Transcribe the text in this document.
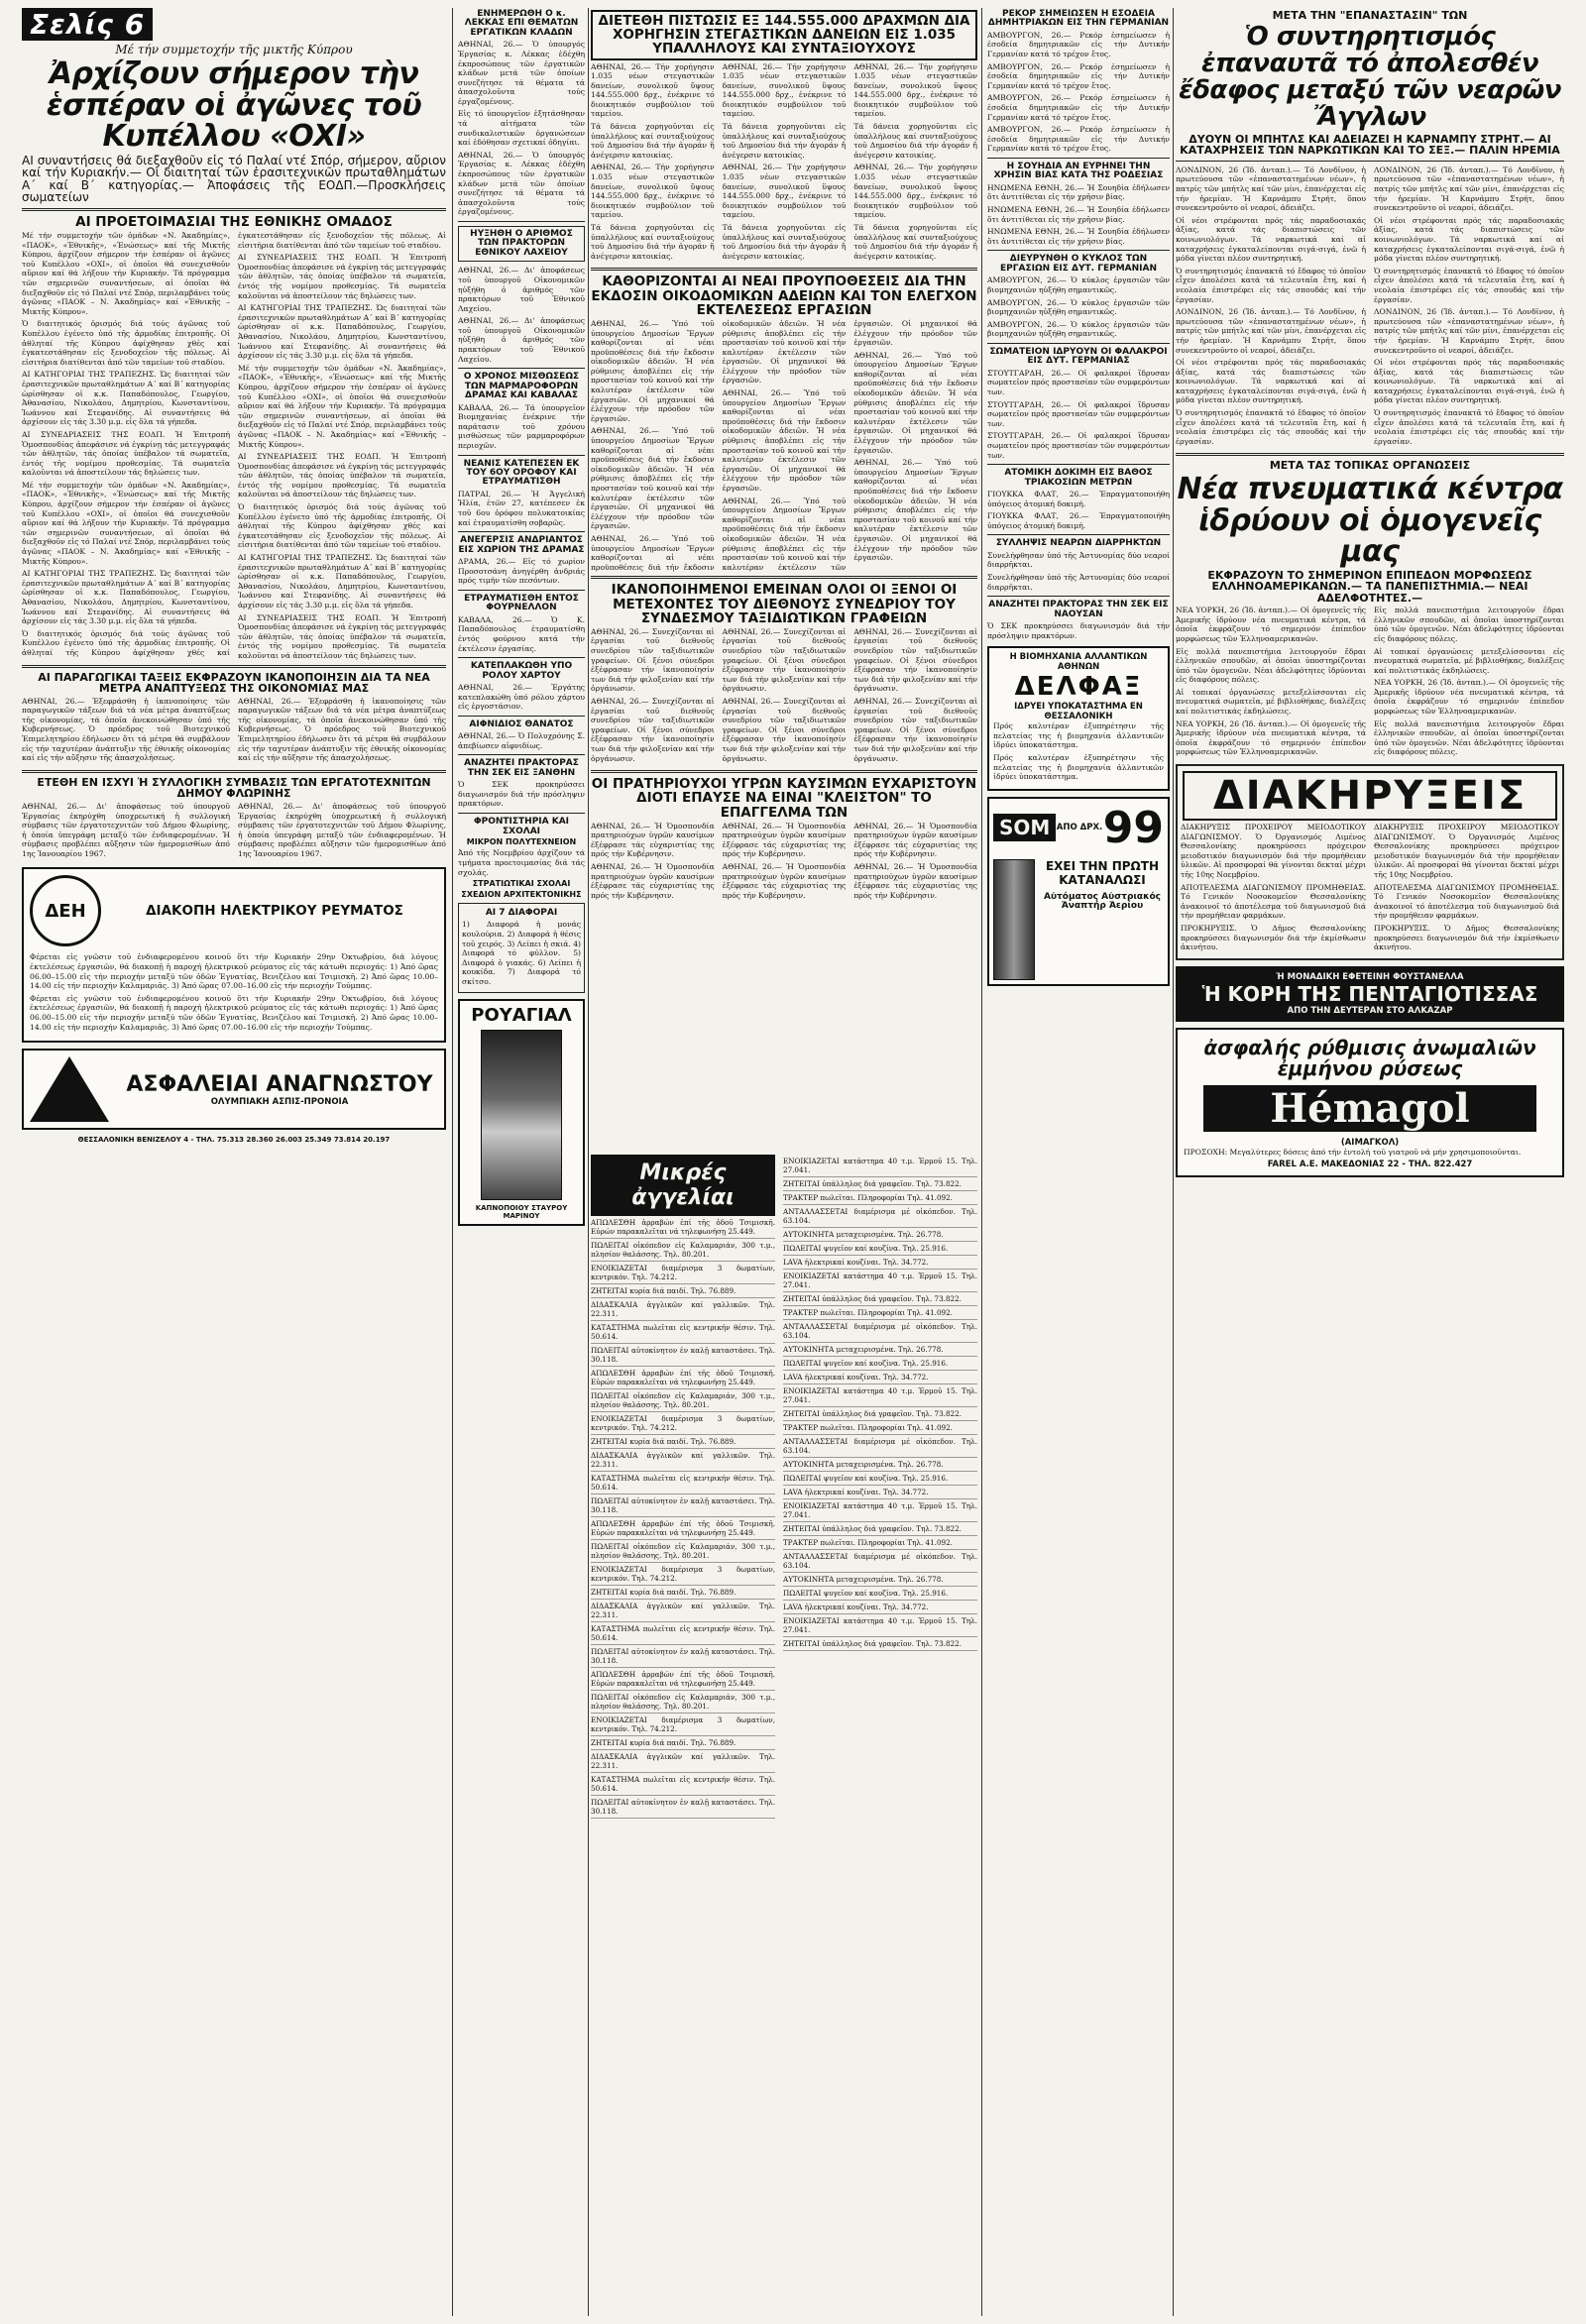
Σελίς 6
Μέ τήν συμμετοχήν τῆς μικτῆς Κύπρου
Ἀρχίζουν σήμερον τὴν ἑσπέραν οἱ ἀγῶνες τοῦ Κυπέλλου «ΟΧΙ»
ΑΙ συναντήσεις θά διεξαχθοῦν εἰς τό Παλαί ντέ Σπόρ, σήμερον, αὔριον καί τήν Κυριακήν.— Οἱ διαιτηταί τῶν ἐρασιτεχνικῶν πρωταθλημάτων Α΄ καί Β΄ κατηγορίας.— Ἀποφάσεις τῆς ΕΟΔΠ.—Προσκλήσεις σωματείων
ΑΙ ΠΡΟΕΤΟΙΜΑΣΙΑΙ ΤΗΣ ΕΘΝΙΚΗΣ ΟΜΑΔΟΣ

Μέ τήν συμμετοχήν τῶν ὁμάδων «Ν. Ἀκαδημίας», «ΠΑΟΚ», «Ἐθνικῆς», «Ἐνώσεως» καί τῆς Μικτῆς Κύπρου, ἀρχίζουν σήμερον τήν ἑσπέραν οἱ ἀγῶνες τοῦ Κυπέλλου «ΟΧΙ», οἱ ὁποῖοι θά συνεχισθοῦν αὔριον καί θά λήξουν τήν Κυριακήν. Τά πρόγραμμα τῶν σημερινῶν συναντήσεων, αἱ ὁποῖαι θά διεξαχθοῦν εἰς τό Παλαί ντέ Σπόρ, περιλαμβάνει τούς ἀγῶνας «ΠΑΟΚ – Ν. Ἀκαδημίας» καί «Ἐθνικῆς – Μικτῆς Κύπρου».

Ὁ διαιτητικός ὁρισμός διά τούς ἀγῶνας τοῦ Κυπέλλου ἐγένετο ὑπό τῆς ἁρμοδίας ἐπιτροπῆς. Οἱ ἀθληταί τῆς Κύπρου ἀφίχθησαν χθές καί ἐγκατεστάθησαν εἰς ξενοδοχεῖον τῆς πόλεως. Αἱ εἰσιτήρια διατίθενται ἀπό τῶν ταμείων τοῦ σταδίου.

ΑΙ ΚΑΤΗΓΟΡΙΑΙ ΤΗΣ ΤΡΑΠΕΖΗΣ. Ὡς διαιτηταί τῶν ἐρασιτεχνικῶν πρωταθλημάτων Α΄ καί Β΄ κατηγορίας ὡρίσθησαν οἱ κ.κ. Παπαδόπουλος, Γεωργίου, Ἀθανασίου, Νικολάου, Δημητρίου, Κωνσταντίνου, Ἰωάννου καί Στεφανίδης. Αἱ συναντήσεις θά ἀρχίσουν εἰς τάς 3.30 μ.μ. εἰς ὅλα τά γήπεδα.

ΑΙ ΣΥΝΕΔΡΙΑΣΕΙΣ ΤΗΣ ΕΟΔΠ. Ἡ Ἐπιτροπή Ὁμοσπονδίας ἀπεφάσισε νά ἐγκρίνῃ τάς μετεγγραφάς τῶν ἀθλητῶν, τάς ὁποίας ὑπέβαλον τά σωματεῖα, ἐντός τῆς νομίμου προθεσμίας. Τά σωματεῖα καλοῦνται νά ἀποστείλουν τάς δηλώσεις των.

Μέ τήν συμμετοχήν τῶν ὁμάδων «Ν. Ἀκαδημίας», «ΠΑΟΚ», «Ἐθνικῆς», «Ἐνώσεως» καί τῆς Μικτῆς Κύπρου, ἀρχίζουν σήμερον τήν ἑσπέραν οἱ ἀγῶνες τοῦ Κυπέλλου «ΟΧΙ», οἱ ὁποῖοι θά συνεχισθοῦν αὔριον καί θά λήξουν τήν Κυριακήν. Τά πρόγραμμα τῶν σημερινῶν συναντήσεων, αἱ ὁποῖαι θά διεξαχθοῦν εἰς τό Παλαί ντέ Σπόρ, περιλαμβάνει τούς ἀγῶνας «ΠΑΟΚ – Ν. Ἀκαδημίας» καί «Ἐθνικῆς – Μικτῆς Κύπρου».

ΑΙ ΚΑΤΗΓΟΡΙΑΙ ΤΗΣ ΤΡΑΠΕΖΗΣ. Ὡς διαιτηταί τῶν ἐρασιτεχνικῶν πρωταθλημάτων Α΄ καί Β΄ κατηγορίας ὡρίσθησαν οἱ κ.κ. Παπαδόπουλος, Γεωργίου, Ἀθανασίου, Νικολάου, Δημητρίου, Κωνσταντίνου, Ἰωάννου καί Στεφανίδης. Αἱ συναντήσεις θά ἀρχίσουν εἰς τάς 3.30 μ.μ. εἰς ὅλα τά γήπεδα.

Ὁ διαιτητικός ὁρισμός διά τούς ἀγῶνας τοῦ Κυπέλλου ἐγένετο ὑπό τῆς ἁρμοδίας ἐπιτροπῆς. Οἱ ἀθληταί τῆς Κύπρου ἀφίχθησαν χθές καί ἐγκατεστάθησαν εἰς ξενοδοχεῖον τῆς πόλεως. Αἱ εἰσιτήρια διατίθενται ἀπό τῶν ταμείων τοῦ σταδίου.

ΑΙ ΣΥΝΕΔΡΙΑΣΕΙΣ ΤΗΣ ΕΟΔΠ. Ἡ Ἐπιτροπή Ὁμοσπονδίας ἀπεφάσισε νά ἐγκρίνῃ τάς μετεγγραφάς τῶν ἀθλητῶν, τάς ὁποίας ὑπέβαλον τά σωματεῖα, ἐντός τῆς νομίμου προθεσμίας. Τά σωματεῖα καλοῦνται νά ἀποστείλουν τάς δηλώσεις των.

ΑΙ ΚΑΤΗΓΟΡΙΑΙ ΤΗΣ ΤΡΑΠΕΖΗΣ. Ὡς διαιτηταί τῶν ἐρασιτεχνικῶν πρωταθλημάτων Α΄ καί Β΄ κατηγορίας ὡρίσθησαν οἱ κ.κ. Παπαδόπουλος, Γεωργίου, Ἀθανασίου, Νικολάου, Δημητρίου, Κωνσταντίνου, Ἰωάννου καί Στεφανίδης. Αἱ συναντήσεις θά ἀρχίσουν εἰς τάς 3.30 μ.μ. εἰς ὅλα τά γήπεδα.

Μέ τήν συμμετοχήν τῶν ὁμάδων «Ν. Ἀκαδημίας», «ΠΑΟΚ», «Ἐθνικῆς», «Ἐνώσεως» καί τῆς Μικτῆς Κύπρου, ἀρχίζουν σήμερον τήν ἑσπέραν οἱ ἀγῶνες τοῦ Κυπέλλου «ΟΧΙ», οἱ ὁποῖοι θά συνεχισθοῦν αὔριον καί θά λήξουν τήν Κυριακήν. Τά πρόγραμμα τῶν σημερινῶν συναντήσεων, αἱ ὁποῖαι θά διεξαχθοῦν εἰς τό Παλαί ντέ Σπόρ, περιλαμβάνει τούς ἀγῶνας «ΠΑΟΚ – Ν. Ἀκαδημίας» καί «Ἐθνικῆς – Μικτῆς Κύπρου».

ΑΙ ΣΥΝΕΔΡΙΑΣΕΙΣ ΤΗΣ ΕΟΔΠ. Ἡ Ἐπιτροπή Ὁμοσπονδίας ἀπεφάσισε νά ἐγκρίνῃ τάς μετεγγραφάς τῶν ἀθλητῶν, τάς ὁποίας ὑπέβαλον τά σωματεῖα, ἐντός τῆς νομίμου προθεσμίας. Τά σωματεῖα καλοῦνται νά ἀποστείλουν τάς δηλώσεις των.

Ὁ διαιτητικός ὁρισμός διά τούς ἀγῶνας τοῦ Κυπέλλου ἐγένετο ὑπό τῆς ἁρμοδίας ἐπιτροπῆς. Οἱ ἀθληταί τῆς Κύπρου ἀφίχθησαν χθές καί ἐγκατεστάθησαν εἰς ξενοδοχεῖον τῆς πόλεως. Αἱ εἰσιτήρια διατίθενται ἀπό τῶν ταμείων τοῦ σταδίου.

ΑΙ ΚΑΤΗΓΟΡΙΑΙ ΤΗΣ ΤΡΑΠΕΖΗΣ. Ὡς διαιτηταί τῶν ἐρασιτεχνικῶν πρωταθλημάτων Α΄ καί Β΄ κατηγορίας ὡρίσθησαν οἱ κ.κ. Παπαδόπουλος, Γεωργίου, Ἀθανασίου, Νικολάου, Δημητρίου, Κωνσταντίνου, Ἰωάννου καί Στεφανίδης. Αἱ συναντήσεις θά ἀρχίσουν εἰς τάς 3.30 μ.μ. εἰς ὅλα τά γήπεδα.

ΑΙ ΣΥΝΕΔΡΙΑΣΕΙΣ ΤΗΣ ΕΟΔΠ. Ἡ Ἐπιτροπή Ὁμοσπονδίας ἀπεφάσισε νά ἐγκρίνῃ τάς μετεγγραφάς τῶν ἀθλητῶν, τάς ὁποίας ὑπέβαλον τά σωματεῖα, ἐντός τῆς νομίμου προθεσμίας. Τά σωματεῖα καλοῦνται νά ἀποστείλουν τάς δηλώσεις των.

ΑΙ ΠΑΡΑΓΩΓΙΚΑΙ ΤΑΞΕΙΣ ΕΚΦΡΑΖΟΥΝ ΙΚΑΝΟΠΟΙΗΣΙΝ ΔΙΑ ΤΑ ΝΕΑ ΜΕΤΡΑ ΑΝΑΠΤΥΞΕΩΣ ΤΗΣ ΟΙΚΟΝΟΜΙΑΣ ΜΑΣ

ΑΘΗΝΑΙ, 26.— Ἐξεφράσθη ἡ ἱκανοποίησις τῶν παραγωγικῶν τάξεων διά τά νέα μέτρα ἀναπτύξεως τῆς οἰκονομίας, τά ὁποῖα ἀνεκοινώθησαν ὑπό τῆς Κυβερνήσεως. Ὁ πρόεδρος τοῦ Βιοτεχνικοῦ Ἐπιμελητηρίου ἐδήλωσεν ὅτι τά μέτρα θά συμβάλουν εἰς τήν ταχυτέραν ἀνάπτυξιν τῆς ἐθνικῆς οἰκονομίας καί εἰς τήν αὔξησιν τῆς ἀπασχολήσεως.

ΑΘΗΝΑΙ, 26.— Ἐξεφράσθη ἡ ἱκανοποίησις τῶν παραγωγικῶν τάξεων διά τά νέα μέτρα ἀναπτύξεως τῆς οἰκονομίας, τά ὁποῖα ἀνεκοινώθησαν ὑπό τῆς Κυβερνήσεως. Ὁ πρόεδρος τοῦ Βιοτεχνικοῦ Ἐπιμελητηρίου ἐδήλωσεν ὅτι τά μέτρα θά συμβάλουν εἰς τήν ταχυτέραν ἀνάπτυξιν τῆς ἐθνικῆς οἰκονομίας καί εἰς τήν αὔξησιν τῆς ἀπασχολήσεως.

ΕΤΕΘΗ ΕΝ ΙΣΧΥΙ Ἡ ΣΥΛΛΟΓΙΚΗ ΣΥΜΒΑΣΙΣ ΤΩΝ ΕΡΓΑΤΟΤΕΧΝΙΤΩΝ ΔΗΜΟΥ ΦΛΩΡΙΝΗΣ

ΑΘΗΝΑΙ, 26.— Δι' ἀποφάσεως τοῦ ὑπουργοῦ Ἐργασίας ἐκηρύχθη ὑποχρεωτική ἡ συλλογική σύμβασις τῶν ἐργατοτεχνιτῶν τοῦ Δήμου Φλωρίνης, ἡ ὁποία ὑπεγράφη μεταξύ τῶν ἐνδιαφερομένων. Ἡ σύμβασις προβλέπει αὔξησιν τῶν ἡμερομισθίων ἀπό 1ης Ἰανουαρίου 1967.

ΑΘΗΝΑΙ, 26.— Δι' ἀποφάσεως τοῦ ὑπουργοῦ Ἐργασίας ἐκηρύχθη ὑποχρεωτική ἡ συλλογική σύμβασις τῶν ἐργατοτεχνιτῶν τοῦ Δήμου Φλωρίνης, ἡ ὁποία ὑπεγράφη μεταξύ τῶν ἐνδιαφερομένων. Ἡ σύμβασις προβλέπει αὔξησιν τῶν ἡμερομισθίων ἀπό 1ης Ἰανουαρίου 1967.

ΔΕΗ	ΔΙΑΚΟΠΗ ΗΛΕΚΤΡΙΚΟΥ ΡΕΥΜΑΤΟΣ

Φέρεται εἰς γνῶσιν τοῦ ἐνδιαφερομένου κοινοῦ ὅτι τήν Κυριακήν 29ην Ὀκτωβρίου, διά λόγους ἐκτελέσεως ἐργασιῶν, θά διακοπῇ ἡ παροχή ἠλεκτρικοῦ ρεύματος εἰς τάς κάτωθι περιοχάς: 1) Ἀπό ὥρας 06.00–15.00 εἰς τήν περιοχήν μεταξύ τῶν ὁδῶν Ἐγνατίας, Βενιζέλου καί Τσιμισκῆ. 2) Ἀπό ὥρας 10.00–14.00 εἰς τήν περιοχήν Καλαμαριᾶς. 3) Ἀπό ὥρας 07.00–16.00 εἰς τήν περιοχήν Τούμπας.

Φέρεται εἰς γνῶσιν τοῦ ἐνδιαφερομένου κοινοῦ ὅτι τήν Κυριακήν 29ην Ὀκτωβρίου, διά λόγους ἐκτελέσεως ἐργασιῶν, θά διακοπῇ ἡ παροχή ἠλεκτρικοῦ ρεύματος εἰς τάς κάτωθι περιοχάς: 1) Ἀπό ὥρας 06.00–15.00 εἰς τήν περιοχήν μεταξύ τῶν ὁδῶν Ἐγνατίας, Βενιζέλου καί Τσιμισκῆ. 2) Ἀπό ὥρας 10.00–14.00 εἰς τήν περιοχήν Καλαμαριᾶς. 3) Ἀπό ὥρας 07.00–16.00 εἰς τήν περιοχήν Τούμπας.

ΑΣΦΑΛΕΙΑΙ ΑΝΑΓΝΩΣΤΟΥ
ΟΛΥΜΠΙΑΚΗ ΑΣΠΙΣ-ΠΡΟΝΟΙΑ
ΘΕΣΣΑΛΟΝΙΚΗ ΒΕΝΙΖΕΛΟΥ 4 - ΤΗΛ. 75.313 28.360 26.003 25.349 73.814 20.197
ΕΝΗΜΕΡΩΘΗ Ο κ. ΛΕΚΚΑΣ ΕΠΙ ΘΕΜΑΤΩΝ ΕΡΓΑΤΙΚΩΝ ΚΛΑΔΩΝ

ΑΘΗΝΑΙ, 26.— Ὁ ὑπουργός Ἐργασίας κ. Λέκκας ἐδέχθη ἐκπροσώπους τῶν ἐργατικῶν κλάδων μετά τῶν ὁποίων συνεζήτησε τά θέματα τά ἀπασχολοῦντα τούς ἐργαζομένους.

Εἰς τό ὑπουργεῖον ἐξητάσθησαν τά αἰτήματα τῶν συνδικαλιστικῶν ὀργανώσεων καί ἐδόθησαν σχετικαί ὁδηγίαι.

ΑΘΗΝΑΙ, 26.— Ὁ ὑπουργός Ἐργασίας κ. Λέκκας ἐδέχθη ἐκπροσώπους τῶν ἐργατικῶν κλάδων μετά τῶν ὁποίων συνεζήτησε τά θέματα τά ἀπασχολοῦντα τούς ἐργαζομένους.

ΗΥΞΗΘΗ Ο ΑΡΙΘΜΟΣ ΤΩΝ ΠΡΑΚΤΟΡΩΝ ΕΘΝΙΚΟΥ ΛΑΧΕΙΟΥ

ΑΘΗΝΑΙ, 26.— Δι' ἀποφάσεως τοῦ ὑπουργοῦ Οἰκονομικῶν ηὐξήθη ὁ ἀριθμός τῶν πρακτόρων τοῦ Ἐθνικοῦ Λαχείου.

ΑΘΗΝΑΙ, 26.— Δι' ἀποφάσεως τοῦ ὑπουργοῦ Οἰκονομικῶν ηὐξήθη ὁ ἀριθμός τῶν πρακτόρων τοῦ Ἐθνικοῦ Λαχείου.

Ο ΧΡΟΝΟΣ ΜΙΣΘΩΣΕΩΣ ΤΩΝ ΜΑΡΜΑΡΟΦΟΡΩΝ ΔΡΑΜΑΣ ΚΑΙ ΚΑΒΑΛΑΣ

ΚΑΒΑΛΑ, 26.— Τά ὑπουργεῖον Βιομηχανίας ἐνέκρινε τήν παράτασιν τοῦ χρόνου μισθώσεως τῶν μαρμαροφόρων περιοχῶν.

ΝΕΑΝΙΣ ΚΑΤΕΠΕΣΕΝ ΕΚ ΤΟΥ 6ΟΥ ΟΡΟΦΟΥ ΚΑΙ ΕΤΡΑΥΜΑΤΙΣΘΗ

ΠΑΤΡΑΙ, 26.— Ἡ Ἀγγελική Ἠλία, ἐτῶν 27, κατέπεσεν ἐκ τοῦ 6ου ὀρόφου πολυκατοικίας καί ἐτραυματίσθη σοβαρῶς.

ΑΝΕΓΕΡΣΙΣ ΑΝΔΡΙΑΝΤΟΣ ΕΙΣ ΧΩΡΙΟΝ ΤΗΣ ΔΡΑΜΑΣ

ΔΡΑΜΑ, 26.— Εἰς τό χωρίον Προσοτσάνη ἀνηγέρθη ἀνδριάς πρός τιμήν τῶν πεσόντων.

ΕΤΡΑΥΜΑΤΙΣΘΗ ΕΝΤΟΣ ΦΟΥΡΝΕΛΛΟΝ

ΚΑΒΑΛΑ, 26.— Ὁ Κ. Παπαδόπουλος ἐτραυματίσθη ἐντός φούρνου κατά τήν ἐκτέλεσιν ἐργασίας.

ΚΑΤΕΠΛΑΚΩΘΗ ΥΠΟ ΡΟΛΟΥ ΧΑΡΤΟΥ

ΑΘΗΝΑΙ, 26.— Ἐργάτης κατεπλακώθη ὑπό ρόλου χάρτου εἰς ἐργοστάσιον.

ΑΙΦΝΙΔΙΟΣ ΘΑΝΑΤΟΣ

ΑΘΗΝΑΙ, 26.— Ὁ Πολυχρόνης Σ. ἀπεβίωσεν αἰφνιδίως.

ΑΝΑΖΗΤΕΙ ΠΡΑΚΤΟΡΑΣ ΤΗΝ ΣΕΚ ΕΙΣ ΞΑΝΘΗΝ

Ὁ ΣΕΚ προκηρύσσει διαγωνισμόν διά τήν πρόσληψιν πρακτόρων.

ΦΡΟΝΤΙΣΤΗΡΙΑ ΚΑΙ ΣΧΟΛΑΙ
ΜΙΚΡΟΝ ΠΟΛΥΤΕΧΝΕΙΟΝ

Ἀπό τῆς Νοεμβρίου ἀρχίζουν τά τμήματα προετοιμασίας διά τάς σχολάς.

ΣΤΡΑΤΙΩΤΙΚΑΙ ΣΧΟΛΑΙ
ΣΧΕΔΙΟΝ ΑΡΧΙΤΕΚΤΟΝΙΚΗΣ
ΑΙ 7 ΔΙΑΦΟΡΑΙ

1) Διαφορά ἡ μονάς κουλούρια. 2) Διαφορά ἡ θέσις τοῦ χειρός. 3) Λείπει ἡ σκιά. 4) Διαφορά τό φύλλον. 5) Διαφορά ὁ γιακάς. 6) Λείπει ἡ κουκίδα. 7) Διαφορά τό σκίτσο.

ΡΟΥΑΓΙΑΛ
ΚΑΠΝΟΠΟΙΟΥ ΣΤΑΥΡΟΥ ΜΑΡΙΝΟΥ
ΔΙΕΤΕΘΗ ΠΙΣΤΩΣΙΣ ΕΞ 144.555.000 ΔΡΑΧΜΩΝ ΔΙΑ ΧΟΡΗΓΗΣΙΝ ΣΤΕΓΑΣΤΙΚΩΝ ΔΑΝΕΙΩΝ ΕΙΣ 1.035 ΥΠΑΛΛΗΛΟΥΣ ΚΑΙ ΣΥΝΤΑΞΙΟΥΧΟΥΣ

ΑΘΗΝΑΙ, 26.— Τήν χορήγησιν 1.035 νέων στεγαστικῶν δανείων, συνολικοῦ ὕψους 144.555.000 δρχ., ἐνέκρινε τό διοικητικόν συμβούλιον τοῦ ταμείου.

Τά δάνεια χορηγοῦνται εἰς ὑπαλλήλους καί συνταξιούχους τοῦ Δημοσίου διά τήν ἀγοράν ἤ ἀνέγερσιν κατοικίας.

ΑΘΗΝΑΙ, 26.— Τήν χορήγησιν 1.035 νέων στεγαστικῶν δανείων, συνολικοῦ ὕψους 144.555.000 δρχ., ἐνέκρινε τό διοικητικόν συμβούλιον τοῦ ταμείου.

Τά δάνεια χορηγοῦνται εἰς ὑπαλλήλους καί συνταξιούχους τοῦ Δημοσίου διά τήν ἀγοράν ἤ ἀνέγερσιν κατοικίας.

ΑΘΗΝΑΙ, 26.— Τήν χορήγησιν 1.035 νέων στεγαστικῶν δανείων, συνολικοῦ ὕψους 144.555.000 δρχ., ἐνέκρινε τό διοικητικόν συμβούλιον τοῦ ταμείου.

Τά δάνεια χορηγοῦνται εἰς ὑπαλλήλους καί συνταξιούχους τοῦ Δημοσίου διά τήν ἀγοράν ἤ ἀνέγερσιν κατοικίας.

ΑΘΗΝΑΙ, 26.— Τήν χορήγησιν 1.035 νέων στεγαστικῶν δανείων, συνολικοῦ ὕψους 144.555.000 δρχ., ἐνέκρινε τό διοικητικόν συμβούλιον τοῦ ταμείου.

Τά δάνεια χορηγοῦνται εἰς ὑπαλλήλους καί συνταξιούχους τοῦ Δημοσίου διά τήν ἀγοράν ἤ ἀνέγερσιν κατοικίας.

ΑΘΗΝΑΙ, 26.— Τήν χορήγησιν 1.035 νέων στεγαστικῶν δανείων, συνολικοῦ ὕψους 144.555.000 δρχ., ἐνέκρινε τό διοικητικόν συμβούλιον τοῦ ταμείου.

Τά δάνεια χορηγοῦνται εἰς ὑπαλλήλους καί συνταξιούχους τοῦ Δημοσίου διά τήν ἀγοράν ἤ ἀνέγερσιν κατοικίας.

ΑΘΗΝΑΙ, 26.— Τήν χορήγησιν 1.035 νέων στεγαστικῶν δανείων, συνολικοῦ ὕψους 144.555.000 δρχ., ἐνέκρινε τό διοικητικόν συμβούλιον τοῦ ταμείου.

Τά δάνεια χορηγοῦνται εἰς ὑπαλλήλους καί συνταξιούχους τοῦ Δημοσίου διά τήν ἀγοράν ἤ ἀνέγερσιν κατοικίας.

ΚΑΘΟΡΙΖΟΝΤΑΙ ΑΙ ΝΕΑΙ ΠΡΟΥΠΟΘΕΣΕΙΣ ΔΙΑ ΤΗΝ ΕΚΔΟΣΙΝ ΟΙΚΟΔΟΜΙΚΩΝ ΑΔΕΙΩΝ ΚΑΙ ΤΟΝ ΕΛΕΓΧΟΝ ΕΚΤΕΛΕΣΕΩΣ ΕΡΓΑΣΙΩΝ

ΑΘΗΝΑΙ, 26.— Ὑπό τοῦ ὑπουργείου Δημοσίων Ἔργων καθορίζονται αἱ νέαι προϋποθέσεις διά τήν ἔκδοσιν οἰκοδομικῶν ἀδειῶν. Ἡ νέα ρύθμισις ἀποβλέπει εἰς τήν προστασίαν τοῦ κοινοῦ καί τήν καλυτέραν ἐκτέλεσιν τῶν ἐργασιῶν. Οἱ μηχανικοί θά ἐλέγχουν τήν πρόοδον τῶν ἐργασιῶν.

ΑΘΗΝΑΙ, 26.— Ὑπό τοῦ ὑπουργείου Δημοσίων Ἔργων καθορίζονται αἱ νέαι προϋποθέσεις διά τήν ἔκδοσιν οἰκοδομικῶν ἀδειῶν. Ἡ νέα ρύθμισις ἀποβλέπει εἰς τήν προστασίαν τοῦ κοινοῦ καί τήν καλυτέραν ἐκτέλεσιν τῶν ἐργασιῶν. Οἱ μηχανικοί θά ἐλέγχουν τήν πρόοδον τῶν ἐργασιῶν.

ΑΘΗΝΑΙ, 26.— Ὑπό τοῦ ὑπουργείου Δημοσίων Ἔργων καθορίζονται αἱ νέαι προϋποθέσεις διά τήν ἔκδοσιν οἰκοδομικῶν ἀδειῶν. Ἡ νέα ρύθμισις ἀποβλέπει εἰς τήν προστασίαν τοῦ κοινοῦ καί τήν καλυτέραν ἐκτέλεσιν τῶν ἐργασιῶν. Οἱ μηχανικοί θά ἐλέγχουν τήν πρόοδον τῶν ἐργασιῶν.

ΑΘΗΝΑΙ, 26.— Ὑπό τοῦ ὑπουργείου Δημοσίων Ἔργων καθορίζονται αἱ νέαι προϋποθέσεις διά τήν ἔκδοσιν οἰκοδομικῶν ἀδειῶν. Ἡ νέα ρύθμισις ἀποβλέπει εἰς τήν προστασίαν τοῦ κοινοῦ καί τήν καλυτέραν ἐκτέλεσιν τῶν ἐργασιῶν. Οἱ μηχανικοί θά ἐλέγχουν τήν πρόοδον τῶν ἐργασιῶν.

ΑΘΗΝΑΙ, 26.— Ὑπό τοῦ ὑπουργείου Δημοσίων Ἔργων καθορίζονται αἱ νέαι προϋποθέσεις διά τήν ἔκδοσιν οἰκοδομικῶν ἀδειῶν. Ἡ νέα ρύθμισις ἀποβλέπει εἰς τήν προστασίαν τοῦ κοινοῦ καί τήν καλυτέραν ἐκτέλεσιν τῶν ἐργασιῶν. Οἱ μηχανικοί θά ἐλέγχουν τήν πρόοδον τῶν ἐργασιῶν.

ΑΘΗΝΑΙ, 26.— Ὑπό τοῦ ὑπουργείου Δημοσίων Ἔργων καθορίζονται αἱ νέαι προϋποθέσεις διά τήν ἔκδοσιν οἰκοδομικῶν ἀδειῶν. Ἡ νέα ρύθμισις ἀποβλέπει εἰς τήν προστασίαν τοῦ κοινοῦ καί τήν καλυτέραν ἐκτέλεσιν τῶν ἐργασιῶν. Οἱ μηχανικοί θά ἐλέγχουν τήν πρόοδον τῶν ἐργασιῶν.

ΑΘΗΝΑΙ, 26.— Ὑπό τοῦ ὑπουργείου Δημοσίων Ἔργων καθορίζονται αἱ νέαι προϋποθέσεις διά τήν ἔκδοσιν οἰκοδομικῶν ἀδειῶν. Ἡ νέα ρύθμισις ἀποβλέπει εἰς τήν προστασίαν τοῦ κοινοῦ καί τήν καλυτέραν ἐκτέλεσιν τῶν ἐργασιῶν. Οἱ μηχανικοί θά ἐλέγχουν τήν πρόοδον τῶν ἐργασιῶν.

ΙΚΑΝΟΠΟΙΗΜΕΝΟΙ ΕΜΕΙΝΑΝ ΟΛΟΙ ΟΙ ΞΕΝΟΙ ΟΙ ΜΕΤΕΧΟΝΤΕΣ ΤΟΥ ΔΙΕΘΝΟΥΣ ΣΥΝΕΔΡΙΟΥ ΤΟΥ ΣΥΝΔΕΣΜΟΥ ΤΑΞΙΔΙΩΤΙΚΩΝ ΓΡΑΦΕΙΩΝ

ΑΘΗΝΑΙ, 26.— Συνεχίζονται αἱ ἐργασίαι τοῦ διεθνοῦς συνεδρίου τῶν ταξιδιωτικῶν γραφείων. Οἱ ξένοι σύνεδροι ἐξέφρασαν τήν ἱκανοποίησίν των διά τήν φιλοξενίαν καί τήν ὀργάνωσιν.

ΑΘΗΝΑΙ, 26.— Συνεχίζονται αἱ ἐργασίαι τοῦ διεθνοῦς συνεδρίου τῶν ταξιδιωτικῶν γραφείων. Οἱ ξένοι σύνεδροι ἐξέφρασαν τήν ἱκανοποίησίν των διά τήν φιλοξενίαν καί τήν ὀργάνωσιν.

ΑΘΗΝΑΙ, 26.— Συνεχίζονται αἱ ἐργασίαι τοῦ διεθνοῦς συνεδρίου τῶν ταξιδιωτικῶν γραφείων. Οἱ ξένοι σύνεδροι ἐξέφρασαν τήν ἱκανοποίησίν των διά τήν φιλοξενίαν καί τήν ὀργάνωσιν.

ΑΘΗΝΑΙ, 26.— Συνεχίζονται αἱ ἐργασίαι τοῦ διεθνοῦς συνεδρίου τῶν ταξιδιωτικῶν γραφείων. Οἱ ξένοι σύνεδροι ἐξέφρασαν τήν ἱκανοποίησίν των διά τήν φιλοξενίαν καί τήν ὀργάνωσιν.

ΑΘΗΝΑΙ, 26.— Συνεχίζονται αἱ ἐργασίαι τοῦ διεθνοῦς συνεδρίου τῶν ταξιδιωτικῶν γραφείων. Οἱ ξένοι σύνεδροι ἐξέφρασαν τήν ἱκανοποίησίν των διά τήν φιλοξενίαν καί τήν ὀργάνωσιν.

ΑΘΗΝΑΙ, 26.— Συνεχίζονται αἱ ἐργασίαι τοῦ διεθνοῦς συνεδρίου τῶν ταξιδιωτικῶν γραφείων. Οἱ ξένοι σύνεδροι ἐξέφρασαν τήν ἱκανοποίησίν των διά τήν φιλοξενίαν καί τήν ὀργάνωσιν.

ΟΙ ΠΡΑΤΗΡΙΟΥΧΟΙ ΥΓΡΩΝ ΚΑΥΣΙΜΩΝ ΕΥΧΑΡΙΣΤΟΥΝ ΔΙΟΤΙ ΕΠΑΥΣΕ ΝΑ ΕΙΝΑΙ "ΚΛΕΙΣΤΟΝ" ΤΟ ΕΠΑΓΓΕΛΜΑ ΤΩΝ

ΑΘΗΝΑΙ, 26.— Ἡ Ὁμοσπονδία πρατηριούχων ὑγρῶν καυσίμων ἐξέφρασε τάς εὐχαριστίας της πρός τήν Κυβέρνησιν.

ΑΘΗΝΑΙ, 26.— Ἡ Ὁμοσπονδία πρατηριούχων ὑγρῶν καυσίμων ἐξέφρασε τάς εὐχαριστίας της πρός τήν Κυβέρνησιν.

ΑΘΗΝΑΙ, 26.— Ἡ Ὁμοσπονδία πρατηριούχων ὑγρῶν καυσίμων ἐξέφρασε τάς εὐχαριστίας της πρός τήν Κυβέρνησιν.

ΑΘΗΝΑΙ, 26.— Ἡ Ὁμοσπονδία πρατηριούχων ὑγρῶν καυσίμων ἐξέφρασε τάς εὐχαριστίας της πρός τήν Κυβέρνησιν.

ΑΘΗΝΑΙ, 26.— Ἡ Ὁμοσπονδία πρατηριούχων ὑγρῶν καυσίμων ἐξέφρασε τάς εὐχαριστίας της πρός τήν Κυβέρνησιν.

ΑΘΗΝΑΙ, 26.— Ἡ Ὁμοσπονδία πρατηριούχων ὑγρῶν καυσίμων ἐξέφρασε τάς εὐχαριστίας της πρός τήν Κυβέρνησιν.

Μικρές ἀγγελίαι

ΑΠΩΛΕΣΘΗ ἀρραβών ἐπί τῆς ὁδοῦ Τσιμισκῆ. Εὑρών παρακαλεῖται νά τηλεφωνήσῃ 25.449.

ΠΩΛΕΙΤΑΙ οἰκόπεδον εἰς Καλαμαριάν, 300 τ.μ., πλησίον θαλάσσης. Τηλ. 80.201.

ΕΝΟΙΚΙΑΖΕΤΑΙ διαμέρισμα 3 δωματίων, κεντρικόν. Τηλ. 74.212.

ΖΗΤΕΙΤΑΙ κυρία διά παιδί. Τηλ. 76.889.

ΔΙΔΑΣΚΑΛΙΑ ἀγγλικῶν καί γαλλικῶν. Τηλ. 22.311.

ΚΑΤΑΣΤΗΜΑ πωλεῖται εἰς κεντρικήν θέσιν. Τηλ. 50.614.

ΠΩΛΕΙΤΑΙ αὐτοκίνητον ἐν καλῇ καταστάσει. Τηλ. 30.118.

ΑΠΩΛΕΣΘΗ ἀρραβών ἐπί τῆς ὁδοῦ Τσιμισκῆ. Εὑρών παρακαλεῖται νά τηλεφωνήσῃ 25.449.

ΠΩΛΕΙΤΑΙ οἰκόπεδον εἰς Καλαμαριάν, 300 τ.μ., πλησίον θαλάσσης. Τηλ. 80.201.

ΕΝΟΙΚΙΑΖΕΤΑΙ διαμέρισμα 3 δωματίων, κεντρικόν. Τηλ. 74.212.

ΖΗΤΕΙΤΑΙ κυρία διά παιδί. Τηλ. 76.889.

ΔΙΔΑΣΚΑΛΙΑ ἀγγλικῶν καί γαλλικῶν. Τηλ. 22.311.

ΚΑΤΑΣΤΗΜΑ πωλεῖται εἰς κεντρικήν θέσιν. Τηλ. 50.614.

ΠΩΛΕΙΤΑΙ αὐτοκίνητον ἐν καλῇ καταστάσει. Τηλ. 30.118.

ΑΠΩΛΕΣΘΗ ἀρραβών ἐπί τῆς ὁδοῦ Τσιμισκῆ. Εὑρών παρακαλεῖται νά τηλεφωνήσῃ 25.449.

ΠΩΛΕΙΤΑΙ οἰκόπεδον εἰς Καλαμαριάν, 300 τ.μ., πλησίον θαλάσσης. Τηλ. 80.201.

ΕΝΟΙΚΙΑΖΕΤΑΙ διαμέρισμα 3 δωματίων, κεντρικόν. Τηλ. 74.212.

ΖΗΤΕΙΤΑΙ κυρία διά παιδί. Τηλ. 76.889.

ΔΙΔΑΣΚΑΛΙΑ ἀγγλικῶν καί γαλλικῶν. Τηλ. 22.311.

ΚΑΤΑΣΤΗΜΑ πωλεῖται εἰς κεντρικήν θέσιν. Τηλ. 50.614.

ΠΩΛΕΙΤΑΙ αὐτοκίνητον ἐν καλῇ καταστάσει. Τηλ. 30.118.

ΑΠΩΛΕΣΘΗ ἀρραβών ἐπί τῆς ὁδοῦ Τσιμισκῆ. Εὑρών παρακαλεῖται νά τηλεφωνήσῃ 25.449.

ΠΩΛΕΙΤΑΙ οἰκόπεδον εἰς Καλαμαριάν, 300 τ.μ., πλησίον θαλάσσης. Τηλ. 80.201.

ΕΝΟΙΚΙΑΖΕΤΑΙ διαμέρισμα 3 δωματίων, κεντρικόν. Τηλ. 74.212.

ΖΗΤΕΙΤΑΙ κυρία διά παιδί. Τηλ. 76.889.

ΔΙΔΑΣΚΑΛΙΑ ἀγγλικῶν καί γαλλικῶν. Τηλ. 22.311.

ΚΑΤΑΣΤΗΜΑ πωλεῖται εἰς κεντρικήν θέσιν. Τηλ. 50.614.

ΠΩΛΕΙΤΑΙ αὐτοκίνητον ἐν καλῇ καταστάσει. Τηλ. 30.118.

ΕΝΟΙΚΙΑΖΕΤΑΙ κατάστημα 40 τ.μ. Ἐρμοῦ 15. Τηλ. 27.041.

ΖΗΤΕΙΤΑΙ ὑπάλληλος διά γραφεῖον. Τηλ. 73.822.

ΤΡΑΚΤΕΡ πωλεῖται. Πληροφορίαι Τηλ. 41.092.

ΑΝΤΑΛΛΑΣΣΕΤΑΙ διαμέρισμα μέ οἰκόπεδον. Τηλ. 63.104.

ΑΥΤΟΚΙΝΗΤΑ μεταχειρισμένα. Τηλ. 26.778.

ΠΩΛΕΙΤΑΙ ψυγεῖον καί κουζίνα. Τηλ. 25.916.

LAVA ἠλεκτρικαί κουζίναι. Τηλ. 34.772.

ΕΝΟΙΚΙΑΖΕΤΑΙ κατάστημα 40 τ.μ. Ἐρμοῦ 15. Τηλ. 27.041.

ΖΗΤΕΙΤΑΙ ὑπάλληλος διά γραφεῖον. Τηλ. 73.822.

ΤΡΑΚΤΕΡ πωλεῖται. Πληροφορίαι Τηλ. 41.092.

ΑΝΤΑΛΛΑΣΣΕΤΑΙ διαμέρισμα μέ οἰκόπεδον. Τηλ. 63.104.

ΑΥΤΟΚΙΝΗΤΑ μεταχειρισμένα. Τηλ. 26.778.

ΠΩΛΕΙΤΑΙ ψυγεῖον καί κουζίνα. Τηλ. 25.916.

LAVA ἠλεκτρικαί κουζίναι. Τηλ. 34.772.

ΕΝΟΙΚΙΑΖΕΤΑΙ κατάστημα 40 τ.μ. Ἐρμοῦ 15. Τηλ. 27.041.

ΖΗΤΕΙΤΑΙ ὑπάλληλος διά γραφεῖον. Τηλ. 73.822.

ΤΡΑΚΤΕΡ πωλεῖται. Πληροφορίαι Τηλ. 41.092.

ΑΝΤΑΛΛΑΣΣΕΤΑΙ διαμέρισμα μέ οἰκόπεδον. Τηλ. 63.104.

ΑΥΤΟΚΙΝΗΤΑ μεταχειρισμένα. Τηλ. 26.778.

ΠΩΛΕΙΤΑΙ ψυγεῖον καί κουζίνα. Τηλ. 25.916.

LAVA ἠλεκτρικαί κουζίναι. Τηλ. 34.772.

ΕΝΟΙΚΙΑΖΕΤΑΙ κατάστημα 40 τ.μ. Ἐρμοῦ 15. Τηλ. 27.041.

ΖΗΤΕΙΤΑΙ ὑπάλληλος διά γραφεῖον. Τηλ. 73.822.

ΤΡΑΚΤΕΡ πωλεῖται. Πληροφορίαι Τηλ. 41.092.

ΑΝΤΑΛΛΑΣΣΕΤΑΙ διαμέρισμα μέ οἰκόπεδον. Τηλ. 63.104.

ΑΥΤΟΚΙΝΗΤΑ μεταχειρισμένα. Τηλ. 26.778.

ΠΩΛΕΙΤΑΙ ψυγεῖον καί κουζίνα. Τηλ. 25.916.

LAVA ἠλεκτρικαί κουζίναι. Τηλ. 34.772.

ΕΝΟΙΚΙΑΖΕΤΑΙ κατάστημα 40 τ.μ. Ἐρμοῦ 15. Τηλ. 27.041.

ΖΗΤΕΙΤΑΙ ὑπάλληλος διά γραφεῖον. Τηλ. 73.822.

ΡΕΚΟΡ ΣΗΜΕΙΩΣΕΝ Η ΕΣΟΔΕΙΑ ΔΗΜΗΤΡΙΑΚΩΝ ΕΙΣ ΤΗΝ ΓΕΡΜΑΝΙΑΝ

ΑΜΒΟΥΡΓΟΝ, 26.— Ρεκόρ ἐσημείωσεν ἡ ἐσοδεία δημητριακῶν εἰς τήν Δυτικήν Γερμανίαν κατά τό τρέχον ἔτος.

ΑΜΒΟΥΡΓΟΝ, 26.— Ρεκόρ ἐσημείωσεν ἡ ἐσοδεία δημητριακῶν εἰς τήν Δυτικήν Γερμανίαν κατά τό τρέχον ἔτος.

ΑΜΒΟΥΡΓΟΝ, 26.— Ρεκόρ ἐσημείωσεν ἡ ἐσοδεία δημητριακῶν εἰς τήν Δυτικήν Γερμανίαν κατά τό τρέχον ἔτος.

ΑΜΒΟΥΡΓΟΝ, 26.— Ρεκόρ ἐσημείωσεν ἡ ἐσοδεία δημητριακῶν εἰς τήν Δυτικήν Γερμανίαν κατά τό τρέχον ἔτος.

Η ΣΟΥΗΔΙΑ ΑΝ ΕΥΡΗΝΕΙ ΤΗΝ ΧΡΗΣΙΝ ΒΙΑΣ ΚΑΤΑ ΤΗΣ ΡΟΔΕΣΙΑΣ

ΗΝΩΜΕΝΑ ΕΘΝΗ, 26.— Ἡ Σουηδία ἐδήλωσεν ὅτι ἀντιτίθεται εἰς τήν χρῆσιν βίας.

ΗΝΩΜΕΝΑ ΕΘΝΗ, 26.— Ἡ Σουηδία ἐδήλωσεν ὅτι ἀντιτίθεται εἰς τήν χρῆσιν βίας.

ΗΝΩΜΕΝΑ ΕΘΝΗ, 26.— Ἡ Σουηδία ἐδήλωσεν ὅτι ἀντιτίθεται εἰς τήν χρῆσιν βίας.

ΔΙΕΥΡΥΝΘΗ Ο ΚΥΚΛΟΣ ΤΩΝ ΕΡΓΑΣΙΩΝ ΕΙΣ ΔΥΤ. ΓΕΡΜΑΝΙΑΝ

ΑΜΒΟΥΡΓΟΝ, 26.— Ὁ κύκλος ἐργασιῶν τῶν βιομηχανιῶν ηὐξήθη σημαντικῶς.

ΑΜΒΟΥΡΓΟΝ, 26.— Ὁ κύκλος ἐργασιῶν τῶν βιομηχανιῶν ηὐξήθη σημαντικῶς.

ΑΜΒΟΥΡΓΟΝ, 26.— Ὁ κύκλος ἐργασιῶν τῶν βιομηχανιῶν ηὐξήθη σημαντικῶς.

ΣΩΜΑΤΕΙΟΝ ΙΔΡΥΟΥΝ ΟΙ ΦΑΛΑΚΡΟΙ ΕΙΣ ΔΥΤ. ΓΕΡΜΑΝΙΑΣ

ΣΤΟΥΤΓΑΡΔΗ, 26.— Οἱ φαλακροί ἵδρυσαν σωματεῖον πρός προστασίαν τῶν συμφερόντων των.

ΣΤΟΥΤΓΑΡΔΗ, 26.— Οἱ φαλακροί ἵδρυσαν σωματεῖον πρός προστασίαν τῶν συμφερόντων των.

ΣΤΟΥΤΓΑΡΔΗ, 26.— Οἱ φαλακροί ἵδρυσαν σωματεῖον πρός προστασίαν τῶν συμφερόντων των.

ΑΤΟΜΙΚΗ ΔΟΚΙΜΗ ΕΙΣ ΒΑΘΟΣ ΤΡΙΑΚΟΣΙΩΝ ΜΕΤΡΩΝ

ΓΙΟΥΚΚΑ ΦΛΑΤ, 26.— Ἐπραγματοποιήθη ὑπόγειος ἀτομική δοκιμή.

ΓΙΟΥΚΚΑ ΦΛΑΤ, 26.— Ἐπραγματοποιήθη ὑπόγειος ἀτομική δοκιμή.

ΣΥΛΛΗΨΙΣ ΝΕΑΡΩΝ ΔΙΑΡΡΗΚΤΩΝ

Συνελήφθησαν ὑπό τῆς Ἀστυνομίας δύο νεαροί διαρρῆκται.

Συνελήφθησαν ὑπό τῆς Ἀστυνομίας δύο νεαροί διαρρῆκται.

ΑΝΑΖΗΤΕΙ ΠΡΑΚΤΟΡΑΣ ΤΗΝ ΣΕΚ ΕΙΣ ΝΑΟΥΣΑΝ

Ὁ ΣΕΚ προκηρύσσει διαγωνισμόν διά τήν πρόσληψιν πρακτόρων.

Η ΒΙΟΜΗΧΑΝΙΑ ΑΛΛΑΝΤΙΚΩΝ ΑΘΗΝΩΝ
ΔΕΛΦΑΞ
ΙΔΡΥΕΙ ΥΠΟΚΑΤΑΣΤΗΜΑ ΕΝ ΘΕΣΣΑΛΟΝΙΚΗ

Πρός καλυτέραν ἐξυπηρέτησιν τῆς πελατείας της ἡ βιομηχανία ἀλλαντικῶν ἱδρύει ὑποκατάστημα.

Πρός καλυτέραν ἐξυπηρέτησιν τῆς πελατείας της ἡ βιομηχανία ἀλλαντικῶν ἱδρύει ὑποκατάστημα.

SOM ΑΠΟ ΔΡΧ. 99
ΕΧΕΙ ΤΗΝ ΠΡΩΤΗ ΚΑΤΑΝΑΛΩΣΙ
Αὐτόματος Αὐστριακός Ἀναπτήρ Ἀερίου
ΜΕΤΑ ΤΗΝ "ΕΠΑΝΑΣΤΑΣΙΝ" ΤΩΝ
Ὁ συντηρητισμός ἐπαναυτᾶ τό ἀπολεσθέν ἔδαφος μεταξύ τῶν νεαρῶν Ἄγγλων
ΔΥΟΥΝ ΟΙ ΜΠΗΤΛΣ ΚΑΙ ΑΔΕΙΑΖΕΙ Η ΚΑΡΝΑΜΠΥ ΣΤΡΗΤ.— ΑΙ ΚΑΤΑΧΡΗΣΕΙΣ ΤΩΝ ΝΑΡΚΩΤΙΚΩΝ ΚΑΙ ΤΟ ΣΕΞ.— ΠΑΛΙΝ ΗΡΕΜΙΑ

ΛΟΝΔΙΝΟΝ, 26 (Ἰδ. ἀνταπ.).— Τό Λονδῖνον, ἡ πρωτεύουσα τῶν «ἐπαναστατημένων νέων», ἡ πατρίς τῶν μπήτλς καί τῶν μίνι, ἐπανέρχεται εἰς τήν ἠρεμίαν. Ἡ Καρνάμπυ Στρήτ, ὅπου συνεκεντροῦντο οἱ νεαροί, ἀδειάζει.

Οἱ νέοι στρέφονται πρός τάς παραδοσιακάς ἀξίας, κατά τάς διαπιστώσεις τῶν κοινωνιολόγων. Τά ναρκωτικά καί αἱ καταχρήσεις ἐγκαταλείπονται σιγά-σιγά, ἐνῶ ἡ μόδα γίνεται πλέον συντηρητική.

Ὁ συντηρητισμός ἐπανακτᾶ τό ἔδαφος τό ὁποῖον εἶχεν ἀπολέσει κατά τά τελευταῖα ἔτη, καί ἡ νεολαία ἐπιστρέφει εἰς τάς σπουδάς καί τήν ἐργασίαν.

ΛΟΝΔΙΝΟΝ, 26 (Ἰδ. ἀνταπ.).— Τό Λονδῖνον, ἡ πρωτεύουσα τῶν «ἐπαναστατημένων νέων», ἡ πατρίς τῶν μπήτλς καί τῶν μίνι, ἐπανέρχεται εἰς τήν ἠρεμίαν. Ἡ Καρνάμπυ Στρήτ, ὅπου συνεκεντροῦντο οἱ νεαροί, ἀδειάζει.

Οἱ νέοι στρέφονται πρός τάς παραδοσιακάς ἀξίας, κατά τάς διαπιστώσεις τῶν κοινωνιολόγων. Τά ναρκωτικά καί αἱ καταχρήσεις ἐγκαταλείπονται σιγά-σιγά, ἐνῶ ἡ μόδα γίνεται πλέον συντηρητική.

Ὁ συντηρητισμός ἐπανακτᾶ τό ἔδαφος τό ὁποῖον εἶχεν ἀπολέσει κατά τά τελευταῖα ἔτη, καί ἡ νεολαία ἐπιστρέφει εἰς τάς σπουδάς καί τήν ἐργασίαν.

ΛΟΝΔΙΝΟΝ, 26 (Ἰδ. ἀνταπ.).— Τό Λονδῖνον, ἡ πρωτεύουσα τῶν «ἐπαναστατημένων νέων», ἡ πατρίς τῶν μπήτλς καί τῶν μίνι, ἐπανέρχεται εἰς τήν ἠρεμίαν. Ἡ Καρνάμπυ Στρήτ, ὅπου συνεκεντροῦντο οἱ νεαροί, ἀδειάζει.

Οἱ νέοι στρέφονται πρός τάς παραδοσιακάς ἀξίας, κατά τάς διαπιστώσεις τῶν κοινωνιολόγων. Τά ναρκωτικά καί αἱ καταχρήσεις ἐγκαταλείπονται σιγά-σιγά, ἐνῶ ἡ μόδα γίνεται πλέον συντηρητική.

Ὁ συντηρητισμός ἐπανακτᾶ τό ἔδαφος τό ὁποῖον εἶχεν ἀπολέσει κατά τά τελευταῖα ἔτη, καί ἡ νεολαία ἐπιστρέφει εἰς τάς σπουδάς καί τήν ἐργασίαν.

ΛΟΝΔΙΝΟΝ, 26 (Ἰδ. ἀνταπ.).— Τό Λονδῖνον, ἡ πρωτεύουσα τῶν «ἐπαναστατημένων νέων», ἡ πατρίς τῶν μπήτλς καί τῶν μίνι, ἐπανέρχεται εἰς τήν ἠρεμίαν. Ἡ Καρνάμπυ Στρήτ, ὅπου συνεκεντροῦντο οἱ νεαροί, ἀδειάζει.

Οἱ νέοι στρέφονται πρός τάς παραδοσιακάς ἀξίας, κατά τάς διαπιστώσεις τῶν κοινωνιολόγων. Τά ναρκωτικά καί αἱ καταχρήσεις ἐγκαταλείπονται σιγά-σιγά, ἐνῶ ἡ μόδα γίνεται πλέον συντηρητική.

Ὁ συντηρητισμός ἐπανακτᾶ τό ἔδαφος τό ὁποῖον εἶχεν ἀπολέσει κατά τά τελευταῖα ἔτη, καί ἡ νεολαία ἐπιστρέφει εἰς τάς σπουδάς καί τήν ἐργασίαν.

ΜΕΤΑ ΤΑΣ ΤΟΠΙΚΑΣ ΟΡΓΑΝΩΣΕΙΣ
Νέα πνευματικά κέντρα ἱδρύουν οἱ ὁμογενεῖς μας
ΕΚΦΡΑΖΟΥΝ ΤΟ ΣΗΜΕΡΙΝΟΝ ΕΠΙΠΕΔΟΝ ΜΟΡΦΩΣΕΩΣ ΕΛΛΗΝΟΑΜΕΡΙΚΑΝΩΝ.— ΤΑ ΠΑΝΕΠΙΣΤΗΜΙΑ.— ΝΕΑΙ ΑΔΕΛΦΟΤΗΤΕΣ.—

ΝΕΑ ΥΟΡΚΗ, 26 (Ἰδ. ἀνταπ.).— Οἱ ὁμογενεῖς τῆς Ἀμερικῆς ἱδρύουν νέα πνευματικά κέντρα, τά ὁποῖα ἐκφράζουν τό σημερινόν ἐπίπεδον μορφώσεως τῶν Ἑλληνοαμερικανῶν.

Εἰς πολλά πανεπιστήμια λειτουργοῦν ἕδραι ἑλληνικῶν σπουδῶν, αἱ ὁποῖαι ὑποστηρίζονται ὑπό τῶν ὁμογενῶν. Νέαι ἀδελφότητες ἱδρύονται εἰς διαφόρους πόλεις.

Αἱ τοπικαί ὀργανώσεις μετεξελίσσονται εἰς πνευματικά σωματεῖα, μέ βιβλιοθήκας, διαλέξεις καί πολιτιστικάς ἐκδηλώσεις.

ΝΕΑ ΥΟΡΚΗ, 26 (Ἰδ. ἀνταπ.).— Οἱ ὁμογενεῖς τῆς Ἀμερικῆς ἱδρύουν νέα πνευματικά κέντρα, τά ὁποῖα ἐκφράζουν τό σημερινόν ἐπίπεδον μορφώσεως τῶν Ἑλληνοαμερικανῶν.

Εἰς πολλά πανεπιστήμια λειτουργοῦν ἕδραι ἑλληνικῶν σπουδῶν, αἱ ὁποῖαι ὑποστηρίζονται ὑπό τῶν ὁμογενῶν. Νέαι ἀδελφότητες ἱδρύονται εἰς διαφόρους πόλεις.

Αἱ τοπικαί ὀργανώσεις μετεξελίσσονται εἰς πνευματικά σωματεῖα, μέ βιβλιοθήκας, διαλέξεις καί πολιτιστικάς ἐκδηλώσεις.

ΝΕΑ ΥΟΡΚΗ, 26 (Ἰδ. ἀνταπ.).— Οἱ ὁμογενεῖς τῆς Ἀμερικῆς ἱδρύουν νέα πνευματικά κέντρα, τά ὁποῖα ἐκφράζουν τό σημερινόν ἐπίπεδον μορφώσεως τῶν Ἑλληνοαμερικανῶν.

Εἰς πολλά πανεπιστήμια λειτουργοῦν ἕδραι ἑλληνικῶν σπουδῶν, αἱ ὁποῖαι ὑποστηρίζονται ὑπό τῶν ὁμογενῶν. Νέαι ἀδελφότητες ἱδρύονται εἰς διαφόρους πόλεις.

ΔΙΑΚΗΡΥΞΕΙΣ

ΔΙΑΚΗΡΥΞΙΣ ΠΡΟΧΕΙΡΟΥ ΜΕΙΟΔΟΤΙΚΟΥ ΔΙΑΓΩΝΙΣΜΟΥ. Ὁ Ὀργανισμός Λιμένος Θεσσαλονίκης προκηρύσσει πρόχειρον μειοδοτικόν διαγωνισμόν διά τήν προμήθειαν ὑλικῶν. Αἱ προσφοραί θά γίνονται δεκταί μέχρι τῆς 10ης Νοεμβρίου.

ΑΠΟΤΕΛΕΣΜΑ ΔΙΑΓΩΝΙΣΜΟΥ ΠΡΟΜΗΘΕΙΑΣ. Τό Γενικόν Νοσοκομεῖον Θεσσαλονίκης ἀνακοινοῖ τό ἀποτέλεσμα τοῦ διαγωνισμοῦ διά τήν προμήθειαν φαρμάκων.

ΠΡΟΚΗΡΥΞΙΣ. Ὁ Δῆμος Θεσσαλονίκης προκηρύσσει διαγωνισμόν διά τήν ἐκμίσθωσιν ἀκινήτου.

ΔΙΑΚΗΡΥΞΙΣ ΠΡΟΧΕΙΡΟΥ ΜΕΙΟΔΟΤΙΚΟΥ ΔΙΑΓΩΝΙΣΜΟΥ. Ὁ Ὀργανισμός Λιμένος Θεσσαλονίκης προκηρύσσει πρόχειρον μειοδοτικόν διαγωνισμόν διά τήν προμήθειαν ὑλικῶν. Αἱ προσφοραί θά γίνονται δεκταί μέχρι τῆς 10ης Νοεμβρίου.

ΑΠΟΤΕΛΕΣΜΑ ΔΙΑΓΩΝΙΣΜΟΥ ΠΡΟΜΗΘΕΙΑΣ. Τό Γενικόν Νοσοκομεῖον Θεσσαλονίκης ἀνακοινοῖ τό ἀποτέλεσμα τοῦ διαγωνισμοῦ διά τήν προμήθειαν φαρμάκων.

ΠΡΟΚΗΡΥΞΙΣ. Ὁ Δῆμος Θεσσαλονίκης προκηρύσσει διαγωνισμόν διά τήν ἐκμίσθωσιν ἀκινήτου.

Ἡ ΜΟΝΑΔΙΚΗ ΕΦΕΤΕΙΝΗ ΦΟΥΣΤΑΝΕΛΛΑ
Ἡ ΚΟΡΗ ΤΗΣ ΠΕΝΤΑΓΙΟΤΙΣΣΑΣ
ΑΠΟ ΤΗΝ ΔΕΥΤΕΡΑΝ ΣΤΟ ΑΛΚΑΖΑΡ
ἀσφαλής ρύθμισις ἀνωμαλιῶν ἐμμήνου ρύσεως
Hémagol
(ΑΙΜΑΓΚΟΛ)

ΠΡΟΣΟΧΗ: Μεγαλύτερες δόσεις ἀπό τήν ἐντολή τοῦ γιατροῦ νά μήν χρησιμοποιοῦνται.

FAREL A.E. ΜΑΚΕΔΟΝΙΑΣ 22 - ΤΗΛ. 822.427
